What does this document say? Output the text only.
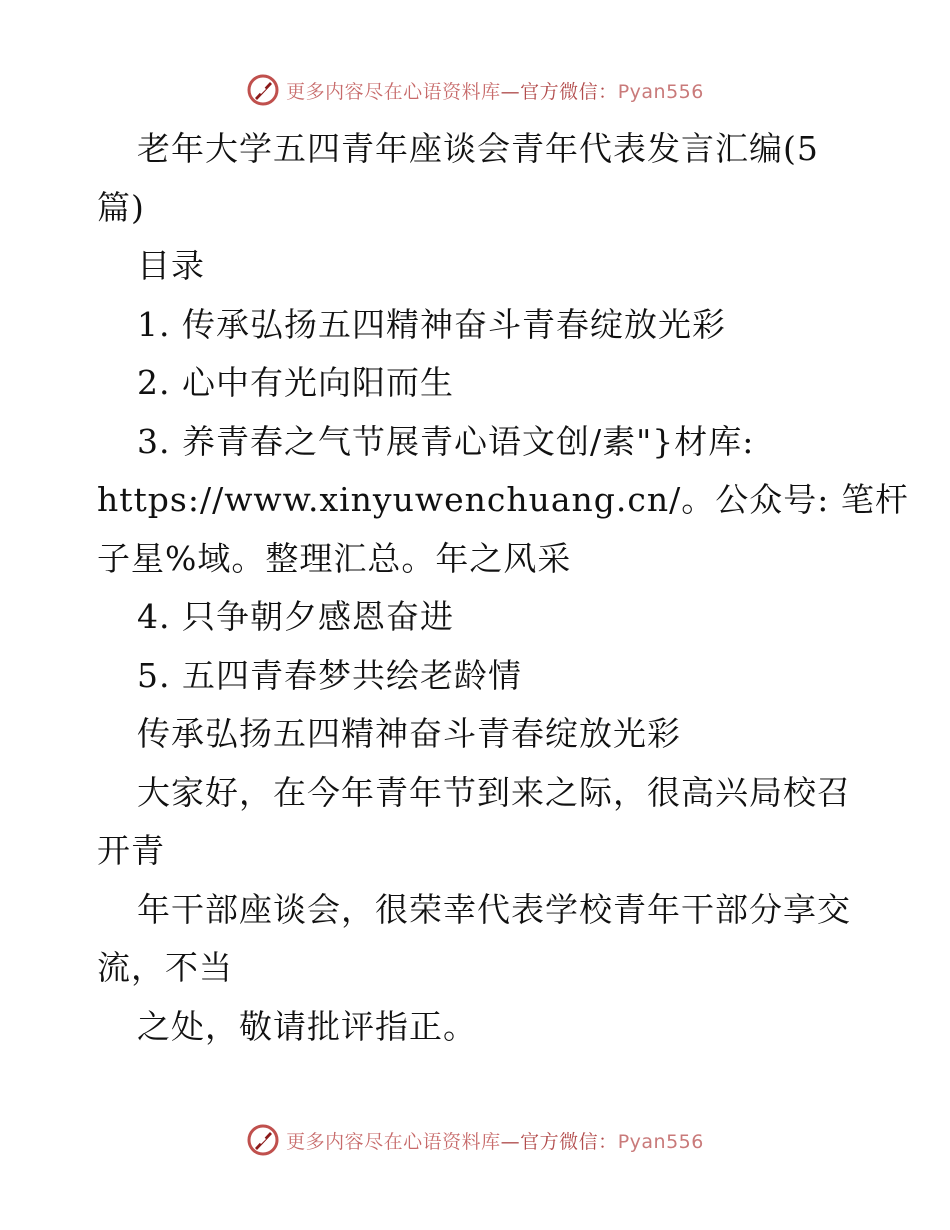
更多内容尽在心语资料库—官方微信：Pyan556
老年大学五四青年座谈会青年代表发言汇编(5
篇)
目录
1. 传承弘扬五四精神奋斗青春绽放光彩
2. 心中有光向阳而生
3. 养青春之气节展青心语文创/素"}材库:
https://www.xinyuwenchuang.cn/。公众号: 笔杆
子星%域。整理汇总。年之风采
4. 只争朝夕感恩奋进
5. 五四青春梦共绘老龄情
传承弘扬五四精神奋斗青春绽放光彩
大家好，在今年青年节到来之际，很高兴局校召
开青
年干部座谈会，很荣幸代表学校青年干部分享交
流，不当
之处，敬请批评指正。
更多内容尽在心语资料库—官方微信：Pyan556
